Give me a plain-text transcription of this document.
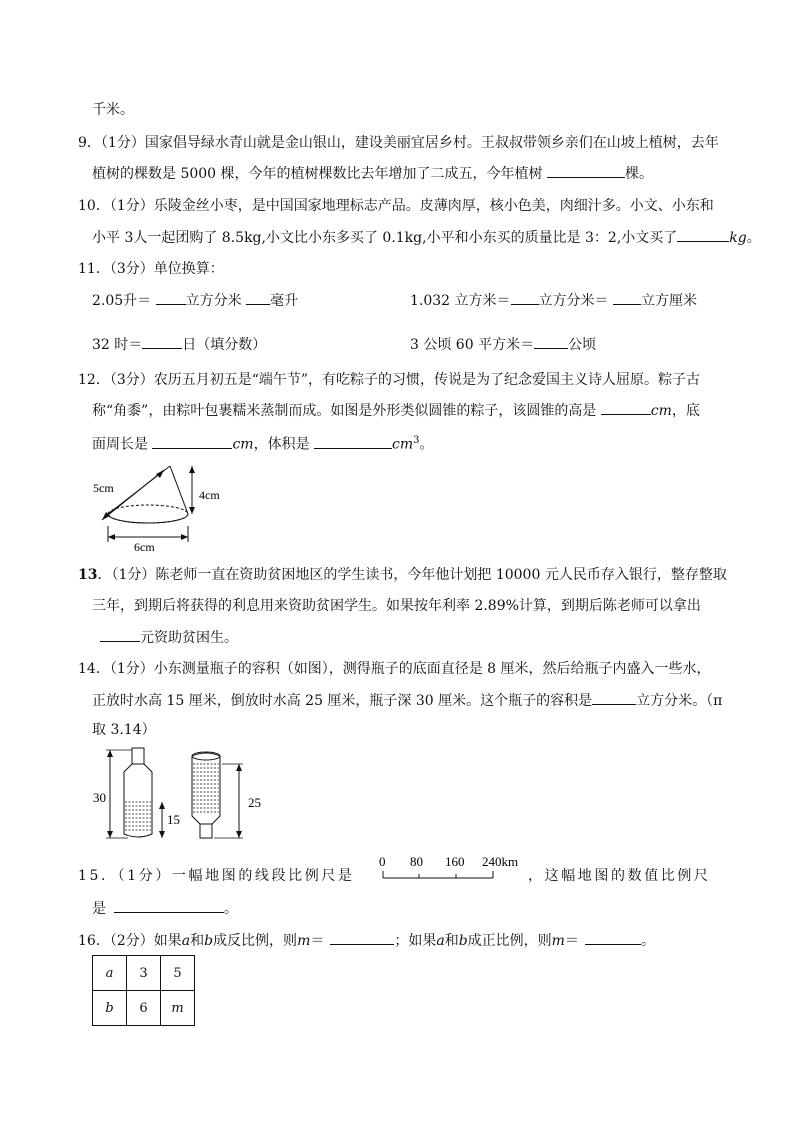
千米。
9．（1分）国家倡导绿水青山就是金山银山，建设美丽宜居乡村。王叔叔带领乡亲们在山坡上植树，去年
植树的棵数是 5000 棵，今年的植树棵数比去年增加了二成五，今年植树	棵。
10．（1分）乐陵金丝小枣，是中国国家地理标志产品。皮薄肉厚，核小色美，肉细汁多。小文、小东和
小平 3人一起团购了 8.5kg,小文比小东多买了 0.1kg,小平和小东买的质量比是 3：2,小文买了	kg。
11．（3分）单位换算：
2.05升＝ 立方分米 毫升	1.032 立方米＝ 立方分米＝ 立方厘米
32 时＝	日（填分数）	3 公顷 60 平方米＝ 公顷
12．（3分）农历五月初五是“端午节”，有吃粽子的习惯，传说是为了纪念爱国主义诗人屈原。粽子古
称“角黍”，由粽叶包裹糯米蒸制而成。如图是外形类似圆锥的粽子，该圆锥的高是	cm，底
面周长是	cm，体积是	$cm^3$。
5cm	4cm
6cm
13．（1分）陈老师一直在资助贫困地区的学生读书，今年他计划把 10000 元人民币存入银行，整存整取
三年，到期后将获得的利息用来资助贫困学生。如果按年利率 2.89%计算，到期后陈老师可以拿出
元资助贫困生。
14．（1分）小东测量瓶子的容积（如图），测得瓶子的底面直径是 8 厘米，然后给瓶子内盛入一些水，
正放时水高 15 厘米，倒放时水高 25 厘米，瓶子深 30 厘米。这个瓶子的容积是	立方分米。（π
取 3.14）
30
15
25
15．（1分）一幅地图的线段比例尺是
0 80 160 240km
，这幅地图的数值比例尺
是	。
16．（2分）如果a和b成反比例，则m＝	；如果a和b成正比例，则m＝	。
a	3	5
b	6	m
